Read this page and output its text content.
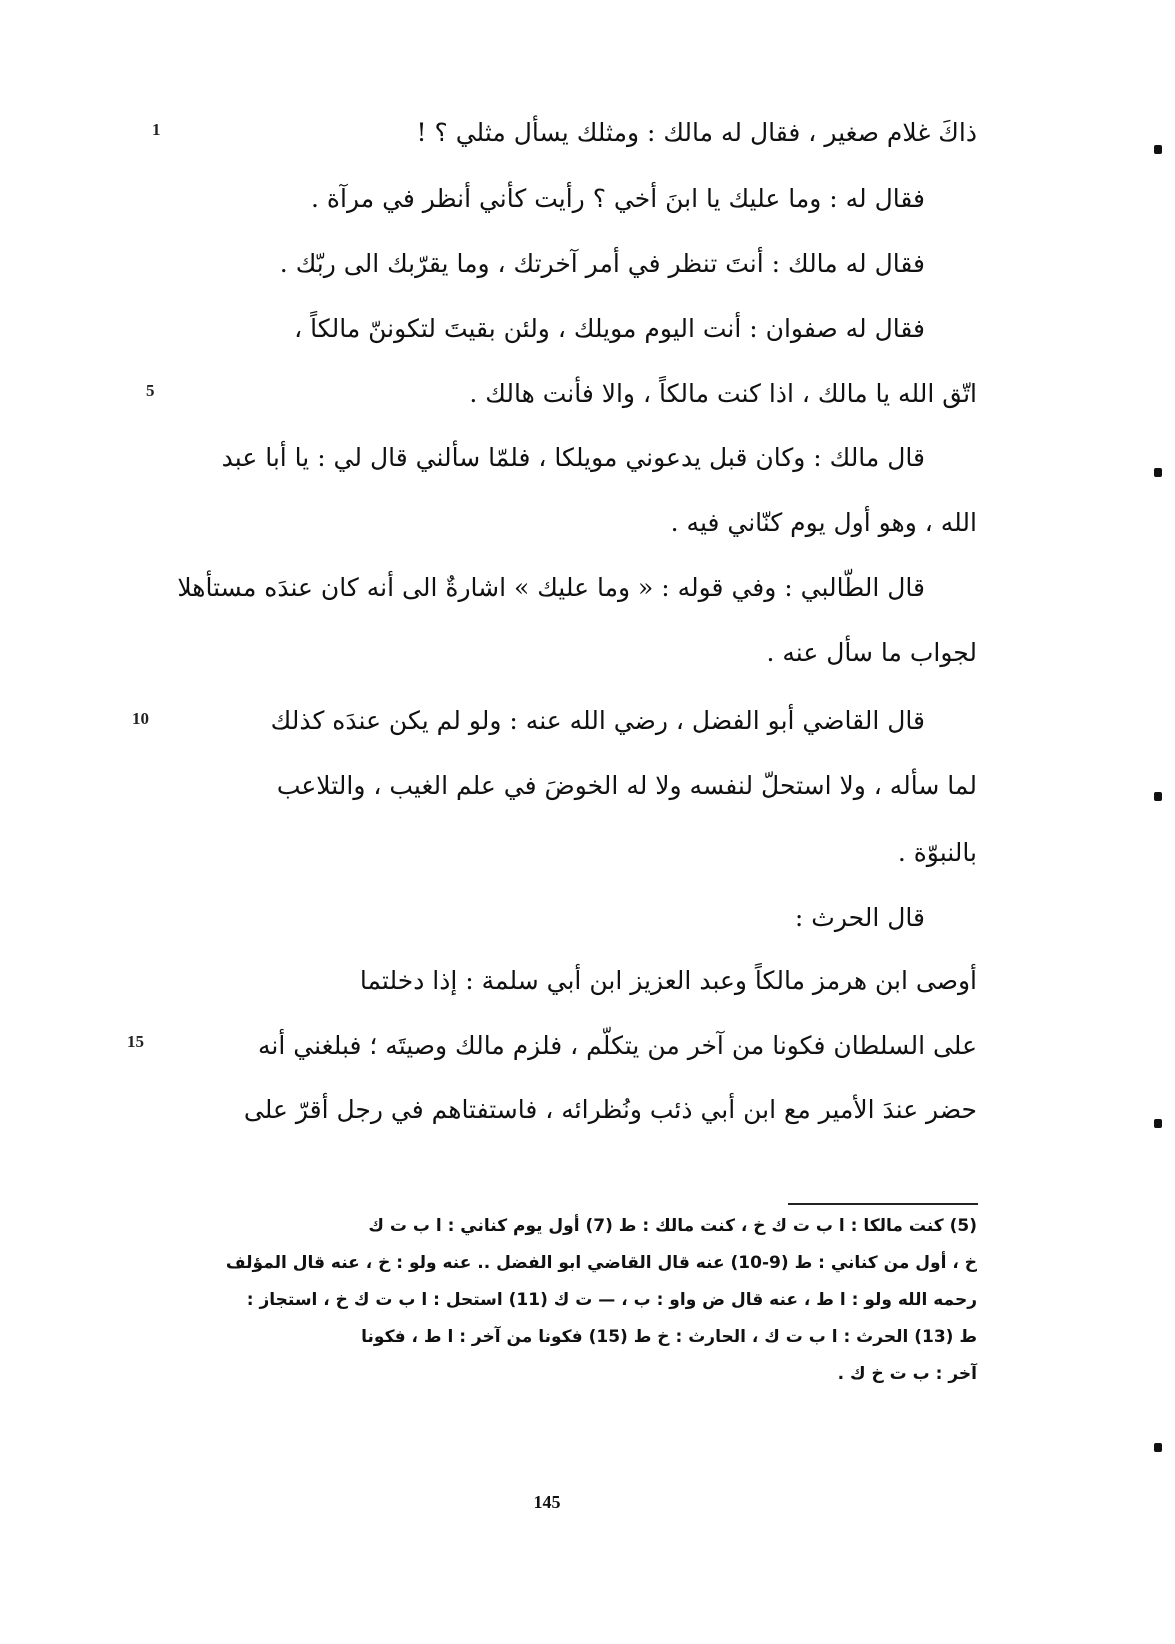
1
5
10
15
ذاكَ غلام صغير ، فقال له مالك : ومثلك يسأل مثلي ؟ !
فقال له : وما عليك يا ابنَ أخي ؟ رأيت كأني أنظر في مرآة .
فقال له مالك : أنتَ تنظر في أمر آخرتك ، وما يقرّبك الى ربّك .
فقال له صفوان : أنت اليوم مويلك ، ولئن بقيتَ لتكوننّ مالكاً ،
اتّق الله يا مالك ، اذا كنت مالكاً ، والا فأنت هالك .
قال مالك : وكان قبل يدعوني مويلكا ، فلمّا سألني قال لي : يا أبا عبد
الله ، وهو أول يوم كنّاني فيه .
قال الطّالبي : وفي قوله : « وما عليك » اشارةٌ الى أنه كان عندَه مستأهلا
لجواب ما سأل عنه .
قال القاضي أبو الفضل ، رضي الله عنه : ولو لم يكن عندَه كذلك
لما سأله ، ولا استحلّ لنفسه ولا له الخوضَ في علم الغيب ، والتلاعب
بالنبوّة .
قال الحرث :
أوصى ابن هرمز مالكاً وعبد العزيز ابن أبي سلمة : إذا دخلتما
على السلطان فكونا من آخر من يتكلّم ، فلزم مالك وصيتَه ؛ فبلغني أنه
حضر عندَ الأمير مع ابن أبي ذئب ونُظرائه ، فاستفتاهم في رجل أقرّ على
(5) كنت مالكا : ا ب ت ك خ ، كنت مالك : ط (7) أول يوم كناني : ا ب ت ك
خ ، أول من كناني : ط (9-10) عنه قال القاضي ابو الفضل .. عنه ولو : خ ، عنه قال المؤلف
رحمه الله ولو : ا ط ، عنه قال ض واو : ب ، — ت ك (11) استحل : ا ب ت ك خ ، استجاز :
ط (13) الحرث : ا ب ت ك ، الحارث : خ ط (15) فكونا من آخر : ا ط ، فكونا
آخر : ب ت خ ك .
145
